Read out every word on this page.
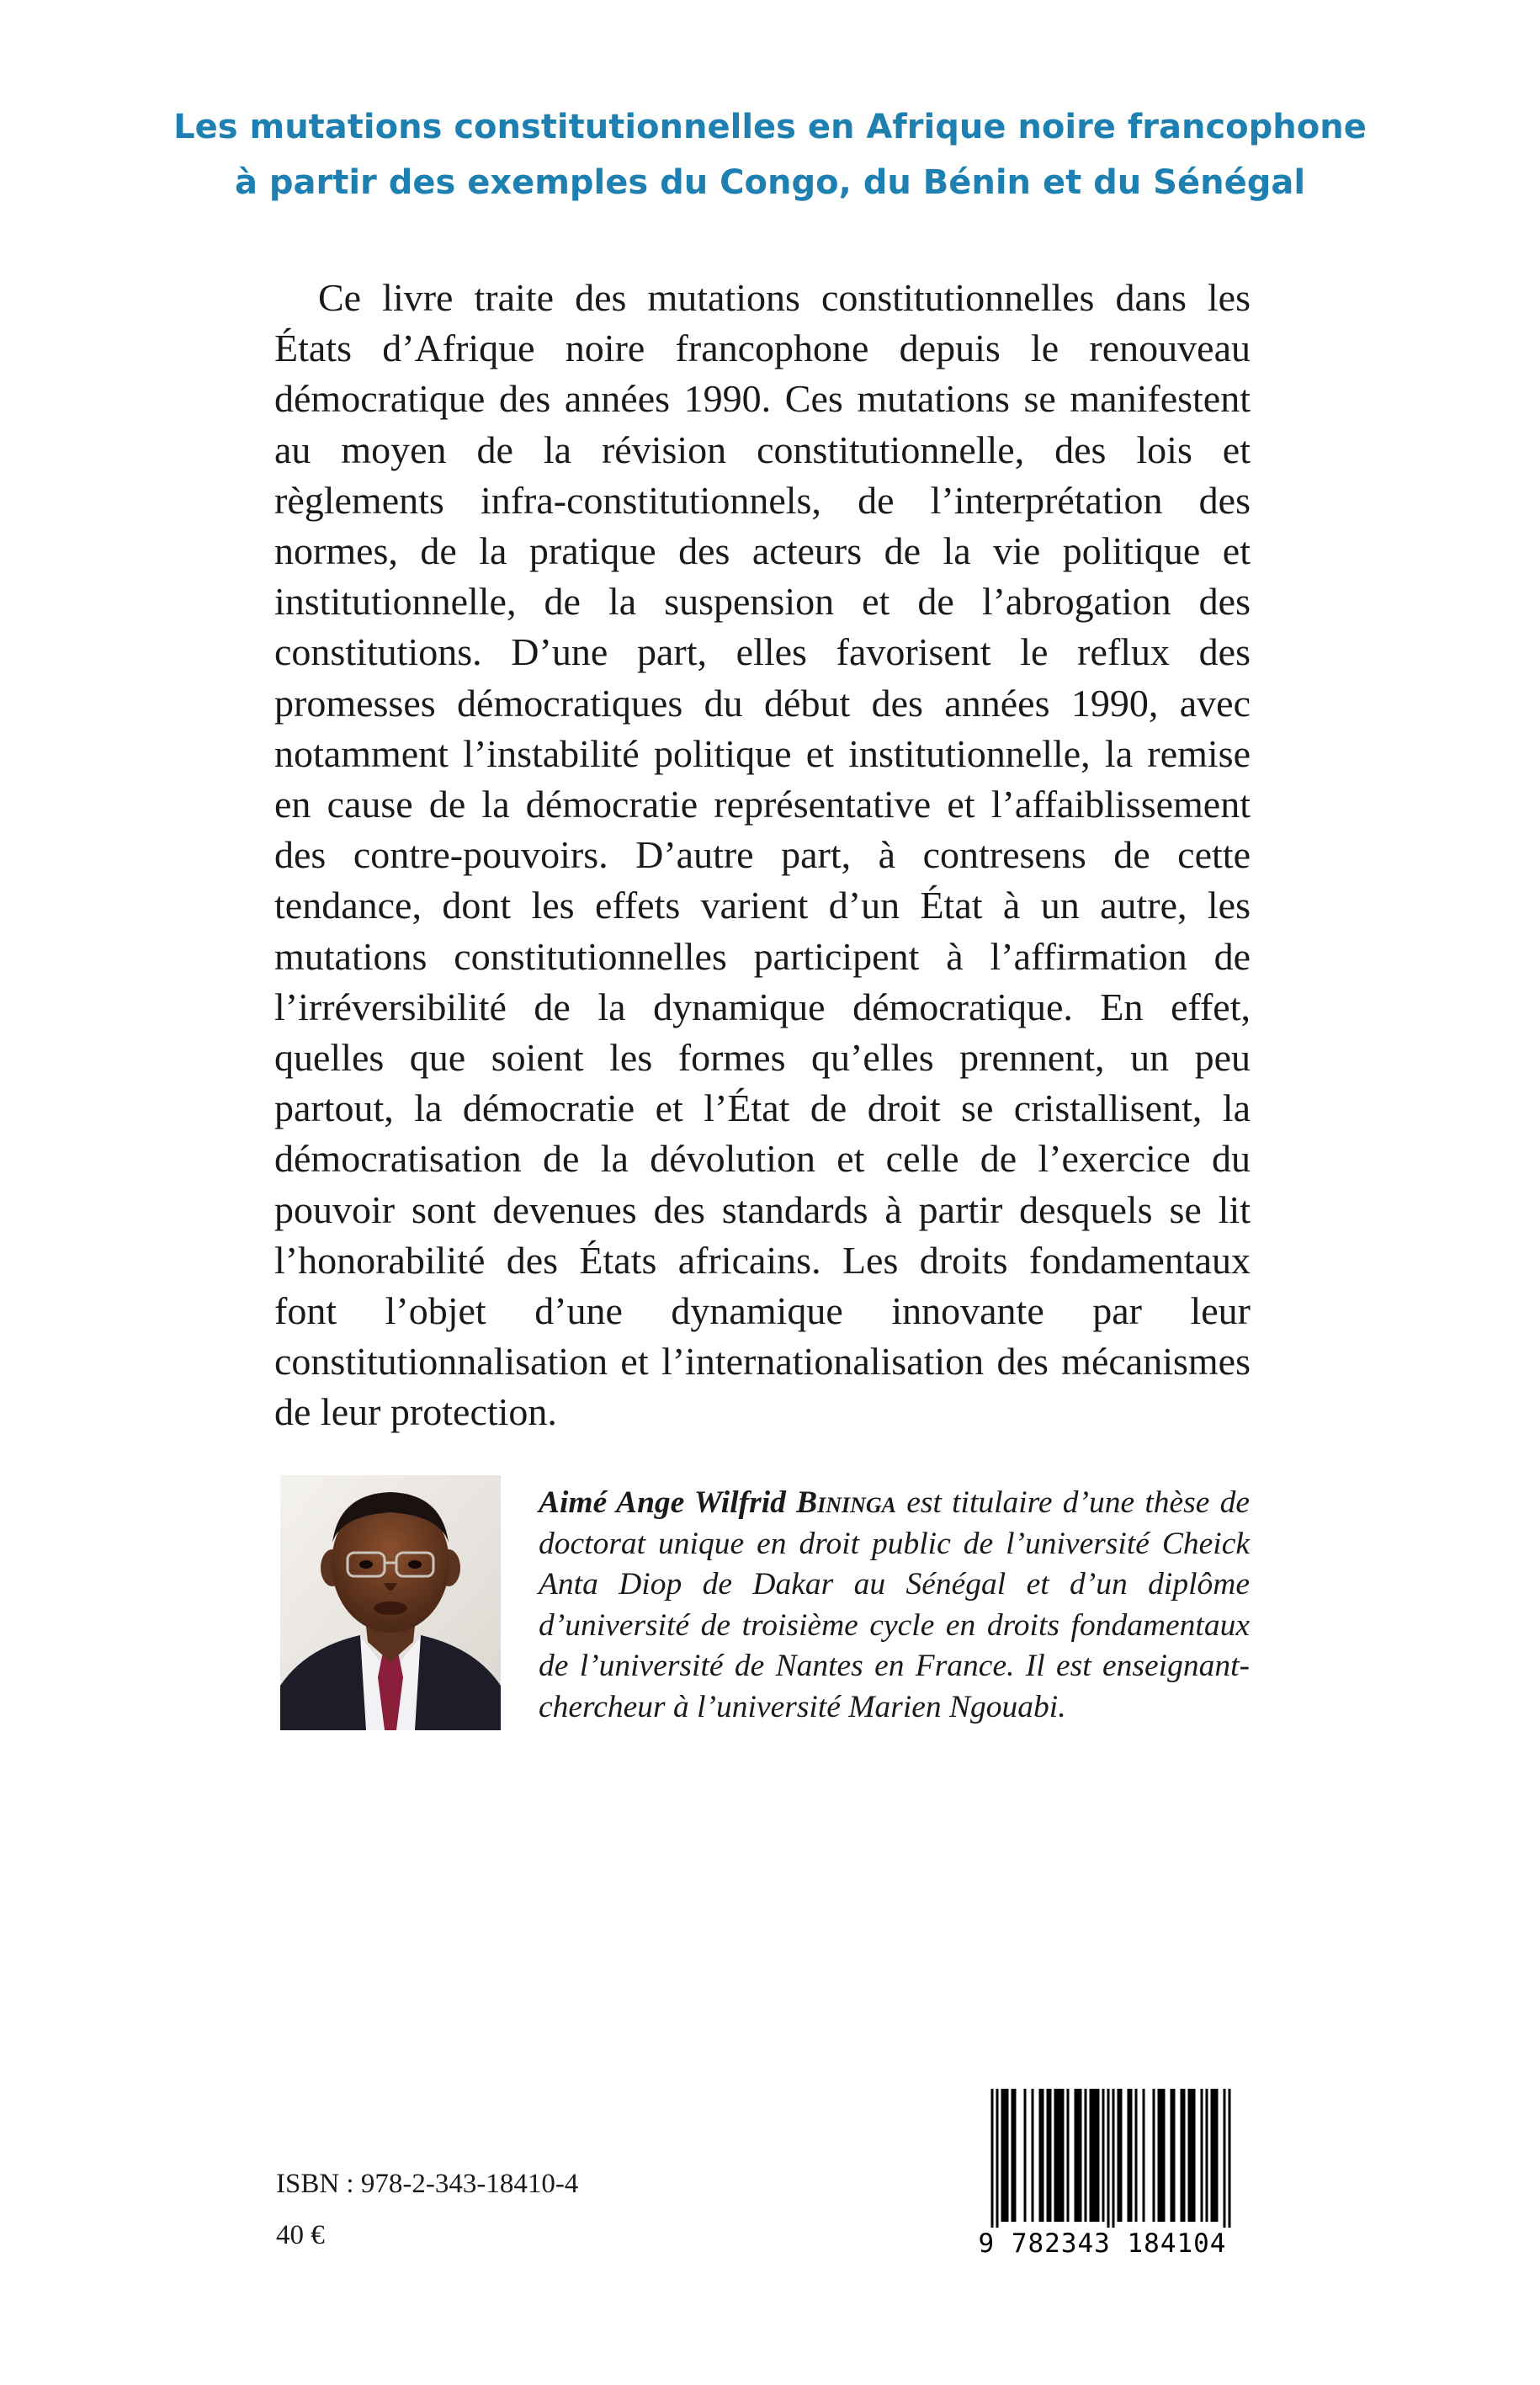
Les mutations constitutionnelles en Afrique noire francophone
à partir des exemples du Congo, du Bénin et du Sénégal

Ce livre traite des mutations constitutionnelles dans les États d’Afrique noire francophone depuis le renouveau démocratique des années 1990. Ces mutations se manifestent au moyen de la révision constitutionnelle, des lois et règlements infra-constitutionnels, de l’interprétation des normes, de la pratique des acteurs de la vie politique et institutionnelle, de la suspension et de l’abrogation des constitutions. D’une part, elles favorisent le reflux des promesses démocratiques du début des années 1990, avec notamment l’instabilité politique et institutionnelle, la remise en cause de la démocratie représentative et l’affaiblissement des contre-pouvoirs. D’autre part, à contresens de cette tendance, dont les effets varient d’un État à un autre, les mutations constitutionnelles participent à l’affirmation de l’irréversibilité de la dynamique démocratique. En effet, quelles que soient les formes qu’elles prennent, un peu partout, la démocratie et l’État de droit se cristallisent, la démocratisation de la dévolution et celle de l’exercice du pouvoir sont devenues des standards à partir desquels se lit l’honorabilité des États africains. Les droits fondamentaux font l’objet d’une dynamique innovante par leur constitutionnalisation et l’internationalisation des mécanismes de leur protection.

Aimé Ange Wilfrid Bininga est titulaire d’une thèse de doctorat unique en droit public de l’université Cheick Anta Diop de Dakar au Sénégal et d’un diplôme d’université de troisième cycle en droits fondamentaux de l’université de Nantes en France. Il est enseignant-chercheur à l’université Marien Ngouabi.

ISBN : 978-2-343-18410-4

40 €	9 782343 184104
